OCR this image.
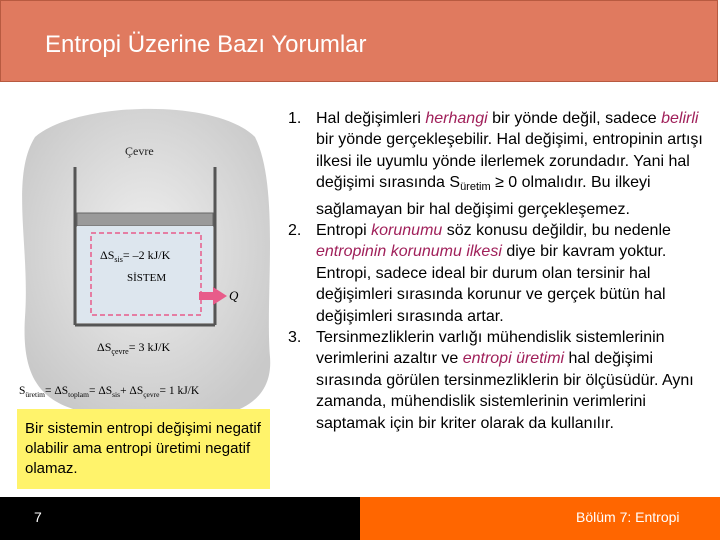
Entropi Üzerine Bazı Yorumlar
Çevre
$\Delta S_{sis}= -2$ kJ/K
SİSTEM
Q
$\Delta S_{çevre}= 3$ kJ/K
$S_{üretim}= \Delta S_{toplam}= \Delta S_{sis}+ \Delta S_{çevre}= 1$ kJ/K
Bir sistemin entropi değişimi negatif olabilir ama entropi üretimi negatif olamaz.
1. Hal değişimleri herhangi bir yönde değil, sadece belirli bir yönde gerçekleşebilir. Hal değişimi, entropinin artışı ilkesi ile uyumlu yönde ilerlemek zorundadır. Yani hal değişimi sırasında $S_{üretim} \ge 0$ olmalıdır. Bu ilkeyi sağlamayan bir hal değişimi gerçekleşemez.
2. Entropi korunumu söz konusu değildir, bu nedenle entropinin korunumu ilkesi diye bir kavram yoktur. Entropi, sadece ideal bir durum olan tersinir hal değişimleri sırasında korunur ve gerçek bütün hal değişimleri sırasında artar.
3. Tersinmezliklerin varlığı mühendislik sistemlerinin verimlerini azaltır ve entropi üretimi hal değişimi sırasında görülen tersinmezliklerin bir ölçüsüdür. Aynı zamanda, mühendislik sistemlerinin verimlerini saptamak için bir kriter olarak da kullanılır.
7	Bölüm 7: Entropi
